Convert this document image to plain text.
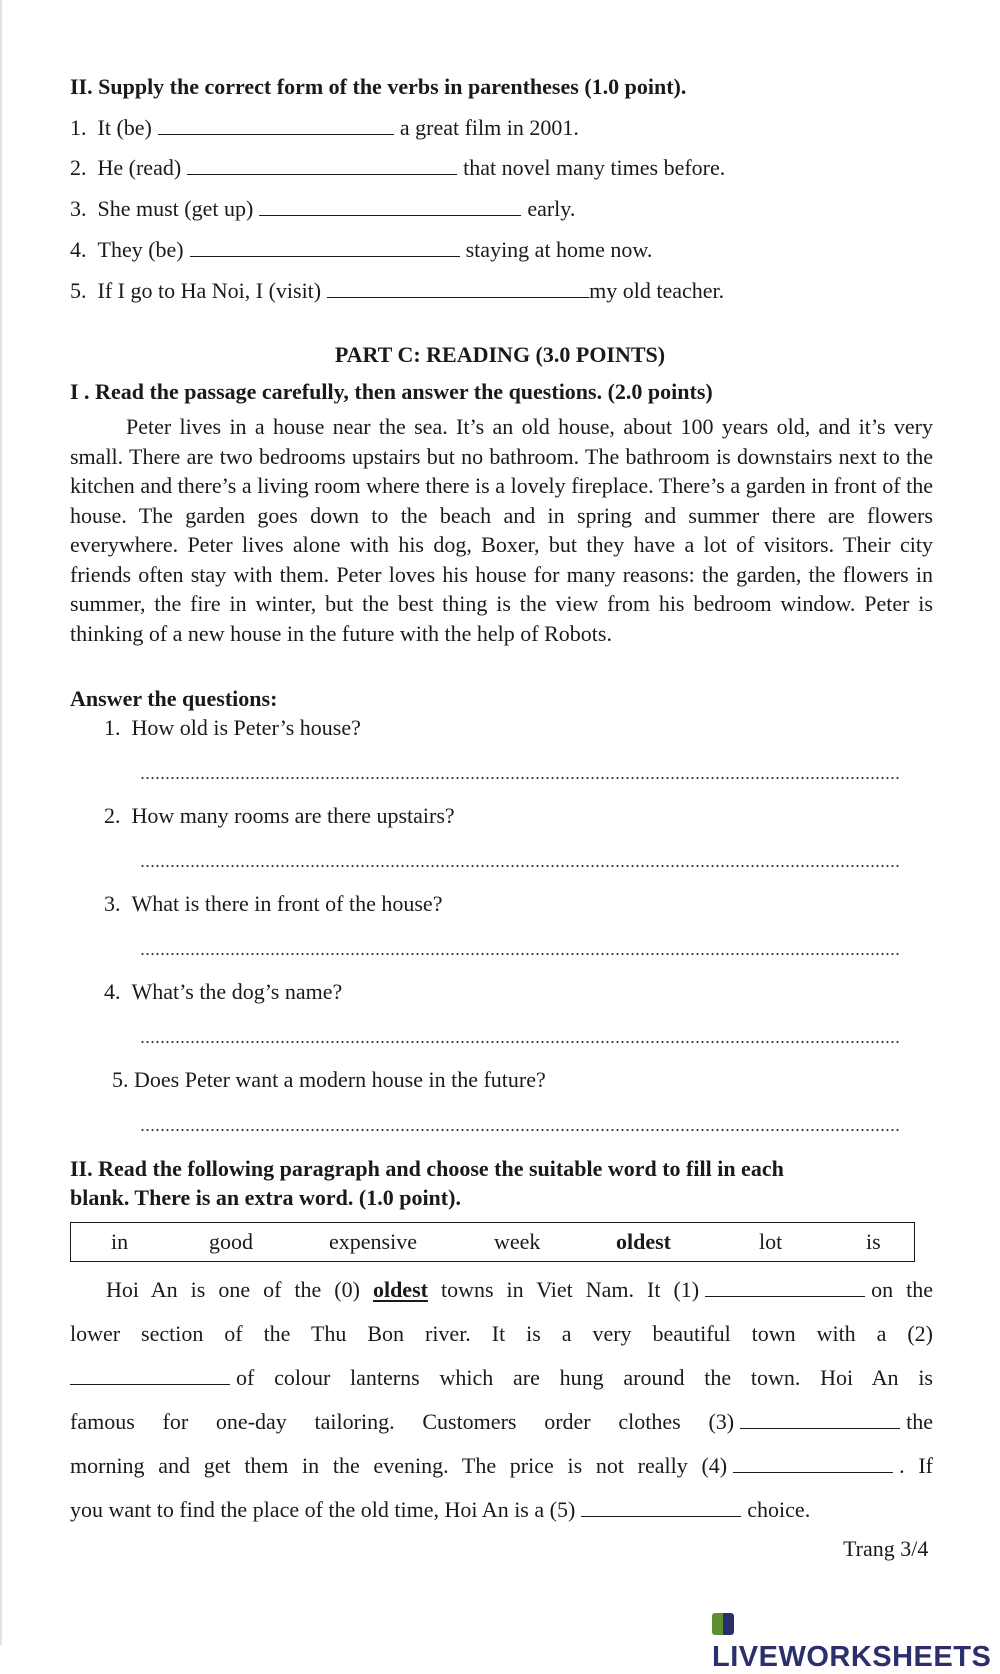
II. Supply the correct form of the verbs in parentheses (1.0 point).
1. It (be)	a great film in 2001.
2. He (read)	that novel many times before.
3. She must (get up)	early.
4. They (be)	staying at home now.
5. If I go to Ha Noi, I (visit)	my old teacher.
PART C: READING (3.0 POINTS)
I . Read the passage carefully, then answer the questions. (2.0 points)
Peter lives in a house near the sea. It’s an old house, about 100 years old, and it’s very small. There are two bedrooms upstairs but no bathroom. The bathroom is downstairs next to the kitchen and there’s a living room where there is a lovely fireplace. There’s a garden in front of the house. The garden goes down to the beach and in spring and summer there are flowers everywhere. Peter lives alone with his dog, Boxer, but they have a lot of visitors. Their city friends often stay with them. Peter loves his house for many reasons: the garden, the flowers in summer, the fire in winter, but the best thing is the view from his bedroom window. Peter is thinking of a new house in the future with the help of Robots.
Answer the questions:
1. How old is Peter’s house?
2. How many rooms are there upstairs?
3. What is there in front of the house?
4. What’s the dog’s name?
5. Does Peter want a modern house in the future?
II. Read the following paragraph and choose the suitable word to fill in each
blank. There is an extra word. (1.0 point).
in	good	expensive	week	oldest	lot	is
Hoi An is one of the (0) oldest towns in Viet Nam. It (1)	on the
lower section of the Thu Bon river. It is a very beautiful town with a (2)
of colour lanterns which are hung around the town. Hoi An is
famous for one-day tailoring. Customers order clothes (3)	the
morning and get them in the evening. The price is not really (4)	. If
you want to find the place of the old time, Hoi An is a (5)	choice.
Trang 3/4
LIVEWORKSHEETS
